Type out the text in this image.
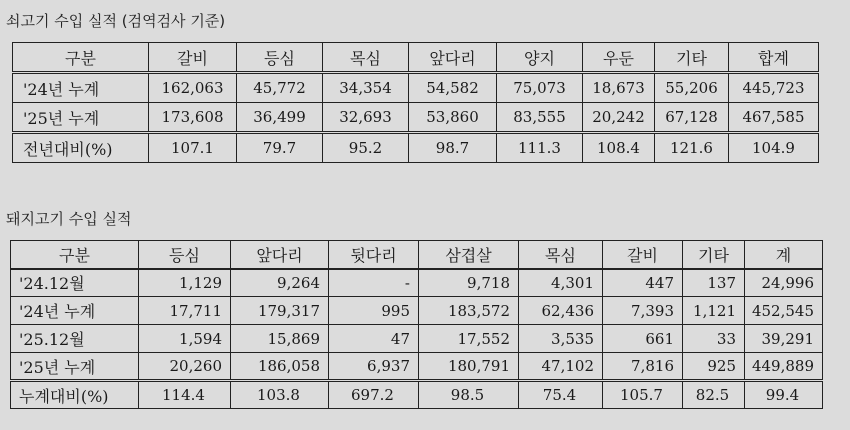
쇠고기 수입 실적 (검역검사 기준)
구분	갈비	등심	목심	앞다리	양지	우둔	기타	합계
'24년 누계	162,063	45,772	34,354	54,582	75,073	18,673	55,206	445,723
'25년 누계	173,608	36,499	32,693	53,860	83,555	20,242	67,128	467,585
전년대비(%)	107.1	79.7	95.2	98.7	111.3	108.4	121.6	104.9
돼지고기 수입 실적
구분	등심	앞다리	뒷다리	삼겹살	목심	갈비	기타	계
'24.12월	1,129	9,264	-	9,718	4,301	447	137	24,996
'24년 누계	17,711	179,317	995	183,572	62,436	7,393	1,121	452,545
'25.12월	1,594	15,869	47	17,552	3,535	661	33	39,291
'25년 누계	20,260	186,058	6,937	180,791	47,102	7,816	925	449,889
누계대비(%)	114.4	103.8	697.2	98.5	75.4	105.7	82.5	99.4
